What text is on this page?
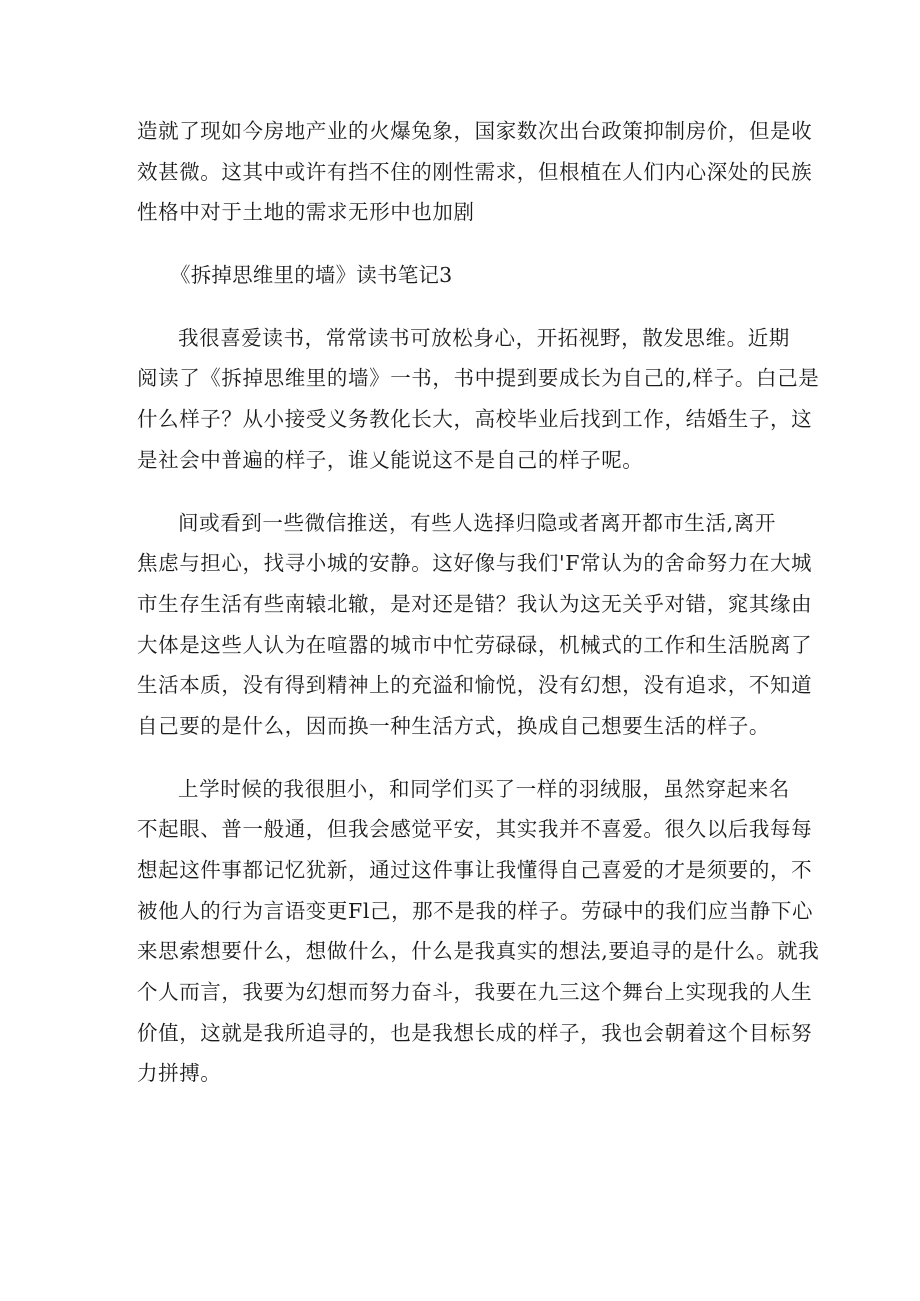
造就了现如今房地产业的火爆兔象，国家数次出台政策抑制房价，但是收
效甚微。这其中或许有挡不住的刚性需求，但根植在人们内心深处的民族
性格中对于土地的需求无形中也加剧
《拆掉思维里的墙》读书笔记3
我很喜爱读书，常常读书可放松身心，开拓视野，散发思维。近期
阅读了《拆掉思维里的墙》一书，书中提到要成长为自己的,样子。白己是
什么样子？从小接受义务教化长大，高校毕业后找到工作，结婚生子，这
是社会中普遍的样子，谁乂能说这不是自己的样子呢。
间或看到一些微信推送，有些人选择归隐或者离开都市生活,离开
焦虑与担心，找寻小城的安静。这好像与我们'F常认为的舍命努力在大城
市生存生活有些南辕北辙，是对还是错？我认为这无关乎对错，窕其缘由
大体是这些人认为在喧嚣的城市中忙劳碌碌，机械式的工作和生活脱离了
生活本质，没有得到精神上的充溢和愉悦，没有幻想，没有追求，不知道
自己要的是什么，因而换一种生活方式，换成自己想要生活的样子。
上学时候的我很胆小，和同学们买了一样的羽绒服，虽然穿起来名
不起眼、普一般通，但我会感觉平安，其实我并不喜爱。很久以后我每每
想起这件事都记忆犹新，通过这件事让我懂得自己喜爱的才是须要的，不
被他人的行为言语变更Fl己，那不是我的样子。劳碌中的我们应当静下心
来思索想要什么，想做什么，什么是我真实的想法,要追寻的是什么。就我
个人而言，我要为幻想而努力奋斗，我要在九三这个舞台上实现我的人生
价值，这就是我所追寻的，也是我想长成的样子，我也会朝着这个目标努
力拼搏。
